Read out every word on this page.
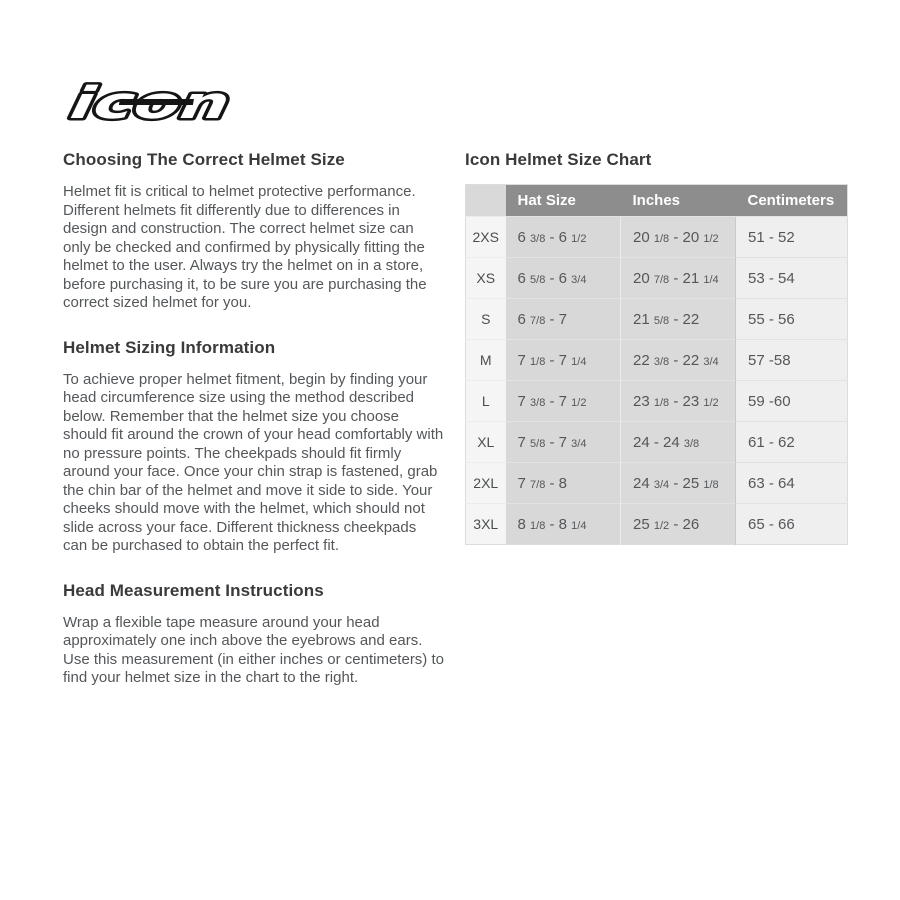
icon
Choosing The Correct Helmet Size

Helmet fit is critical to helmet protective performance. Different helmets fit differently due to differences in design and construction. The correct helmet size can only be checked and confirmed by physically fitting the helmet to the user. Always try the helmet on in a store, before purchasing it, to be sure you are purchasing the correct sized helmet for you.

Helmet Sizing Information

To achieve proper helmet fitment, begin by finding your head circumference size using the method described below. Remember that the helmet size you choose should fit around the crown of your head comfortably with no pressure points. The cheekpads should fit firmly around your face. Once your chin strap is fastened, grab the chin bar of the helmet and move it side to side. Your cheeks should move with the helmet, which should not slide across your face. Different thickness cheekpads can be purchased to obtain the perfect fit.

Head Measurement Instructions

Wrap a flexible tape measure around your head approximately one inch above the eyebrows and ears. Use this measurement (in either inches or centimeters) to find your helmet size in the chart to the right.

Icon Helmet Size Chart
	Hat Size	Inches	Centimeters
2XS	6 3/8 - 6 1/2	20 1/8 - 20 1/2	51 - 52
XS	6 5/8 - 6 3/4	20 7/8 - 21 1/4	53 - 54
S	6 7/8 - 7	21 5/8 - 22	55 - 56
M	7 1/8 - 7 1/4	22 3/8 - 22 3/4	57 -58
L	7 3/8 - 7 1/2	23 1/8 - 23 1/2	59 -60
XL	7 5/8 - 7 3/4	24 - 24 3/8	61 - 62
2XL	7 7/8 - 8	24 3/4 - 25 1/8	63 - 64
3XL	8 1/8 - 8 1/4	25 1/2 - 26	65 - 66
